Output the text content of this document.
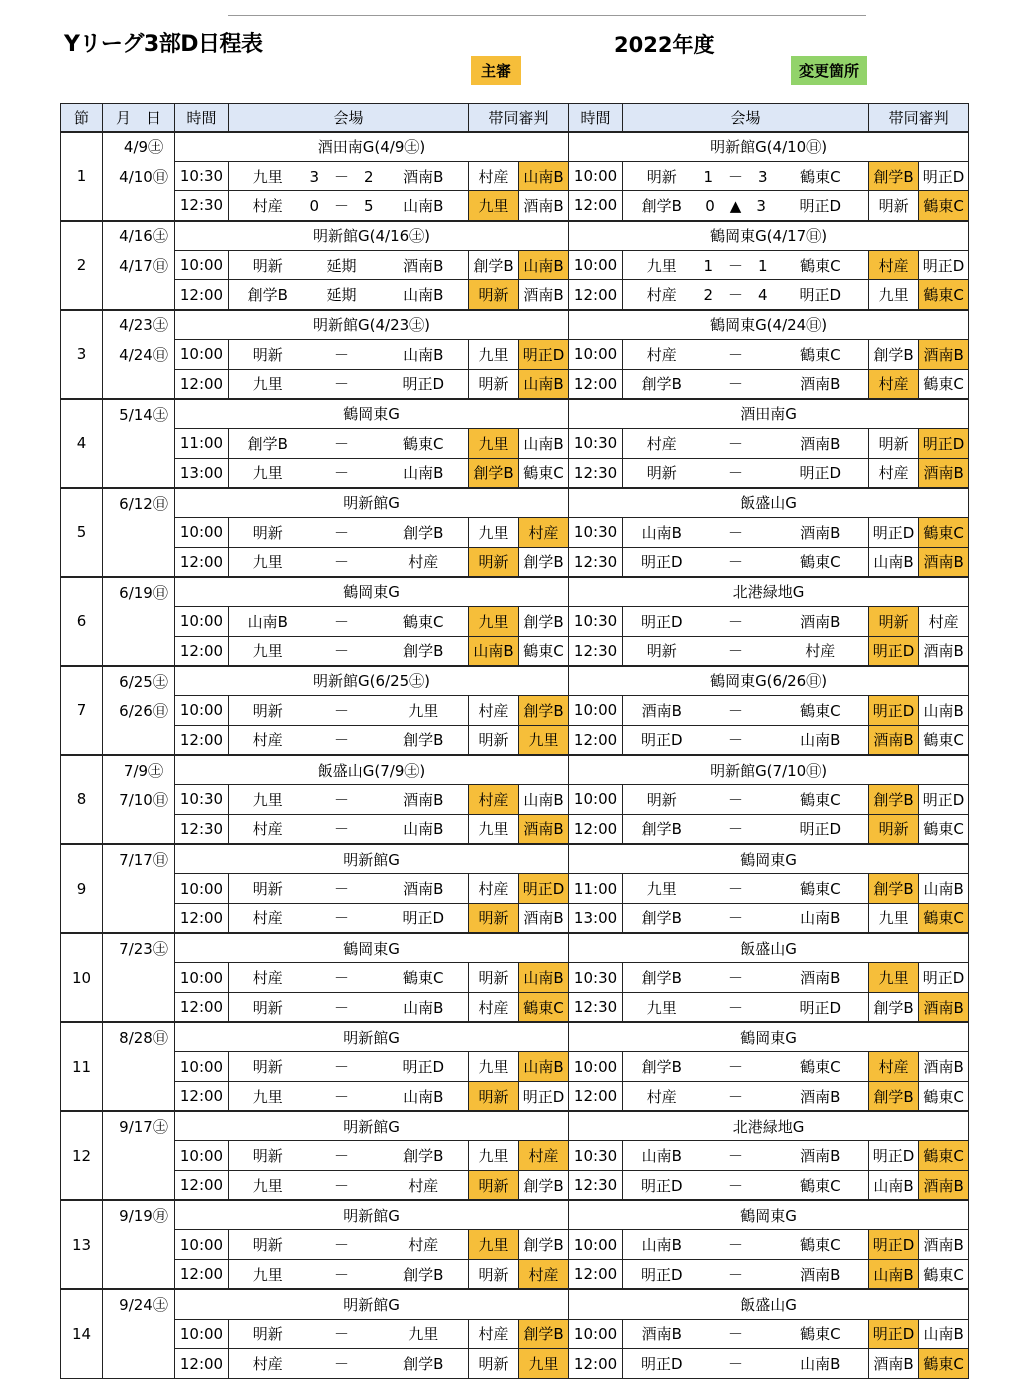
Yリーグ3部D日程表	2022年度
主審	変更箇所
節	月　日	時間	会場			帯同審判		時間	会場			帯同審判	
1	4/9㊏	酒田南G(4/9㊏)						明新館G(4/10㊐)					
	4/10㊐	10:30	九里	3　－　2	酒南B	村産	山南B	10:00	明新	1　－　3	鶴東C	創学B	明正D
		12:30	村産	0　－　5	山南B	九里	酒南B	12:00	創学B	0　▲　3	明正D	明新	鶴東C
2	4/16㊏	明新館G(4/16㊏)						鶴岡東G(4/17㊐)					
	4/17㊐	10:00	明新	延期	酒南B	創学B	山南B	10:00	九里	1　－　1	鶴東C	村産	明正D
		12:00	創学B	延期	山南B	明新	酒南B	12:00	村産	2　－　4	明正D	九里	鶴東C
3	4/23㊏	明新館G(4/23㊏)						鶴岡東G(4/24㊐)					
	4/24㊐	10:00	明新	－	山南B	九里	明正D	10:00	村産	－	鶴東C	創学B	酒南B
		12:00	九里	－	明正D	明新	山南B	12:00	創学B	－	酒南B	村産	鶴東C
4	5/14㊏	鶴岡東G						酒田南G					
		11:00	創学B	－	鶴東C	九里	山南B	10:30	村産	－	酒南B	明新	明正D
		13:00	九里	－	山南B	創学B	鶴東C	12:30	明新	－	明正D	村産	酒南B
5	6/12㊐	明新館G						飯盛山G					
		10:00	明新	－	創学B	九里	村産	10:30	山南B	－	酒南B	明正D	鶴東C
		12:00	九里	－	村産	明新	創学B	12:30	明正D	－	鶴東C	山南B	酒南B
6	6/19㊐	鶴岡東G						北港緑地G					
		10:00	山南B	－	鶴東C	九里	創学B	10:30	明正D	－	酒南B	明新	村産
		12:00	九里	－	創学B	山南B	鶴東C	12:30	明新	－	村産	明正D	酒南B
7	6/25㊏	明新館G(6/25㊏)						鶴岡東G(6/26㊐)					
	6/26㊐	10:00	明新	－	九里	村産	創学B	10:00	酒南B	－	鶴東C	明正D	山南B
		12:00	村産	－	創学B	明新	九里	12:00	明正D	－	山南B	酒南B	鶴東C
8	7/9㊏	飯盛山G(7/9㊏)						明新館G(7/10㊐)					
	7/10㊐	10:30	九里	－	酒南B	村産	山南B	10:00	明新	－	鶴東C	創学B	明正D
		12:30	村産	－	山南B	九里	酒南B	12:00	創学B	－	明正D	明新	鶴東C
9	7/17㊐	明新館G						鶴岡東G					
		10:00	明新	－	酒南B	村産	明正D	11:00	九里	－	鶴東C	創学B	山南B
		12:00	村産	－	明正D	明新	酒南B	13:00	創学B	－	山南B	九里	鶴東C
10	7/23㊏	鶴岡東G						飯盛山G					
		10:00	村産	－	鶴東C	明新	山南B	10:30	創学B	－	酒南B	九里	明正D
		12:00	明新	－	山南B	村産	鶴東C	12:30	九里	－	明正D	創学B	酒南B
11	8/28㊐	明新館G						鶴岡東G					
		10:00	明新	－	明正D	九里	山南B	10:00	創学B	－	鶴東C	村産	酒南B
		12:00	九里	－	山南B	明新	明正D	12:00	村産	－	酒南B	創学B	鶴東C
12	9/17㊏	明新館G						北港緑地G					
		10:00	明新	－	創学B	九里	村産	10:30	山南B	－	酒南B	明正D	鶴東C
		12:00	九里	－	村産	明新	創学B	12:30	明正D	－	鶴東C	山南B	酒南B
13	9/19㊊	明新館G						鶴岡東G					
		10:00	明新	－	村産	九里	創学B	10:00	山南B	－	鶴東C	明正D	酒南B
		12:00	九里	－	創学B	明新	村産	12:00	明正D	－	酒南B	山南B	鶴東C
14	9/24㊏	明新館G						飯盛山G					
		10:00	明新	－	九里	村産	創学B	10:00	酒南B	－	鶴東C	明正D	山南B
		12:00	村産	－	創学B	明新	九里	12:00	明正D	－	山南B	酒南B	鶴東C
